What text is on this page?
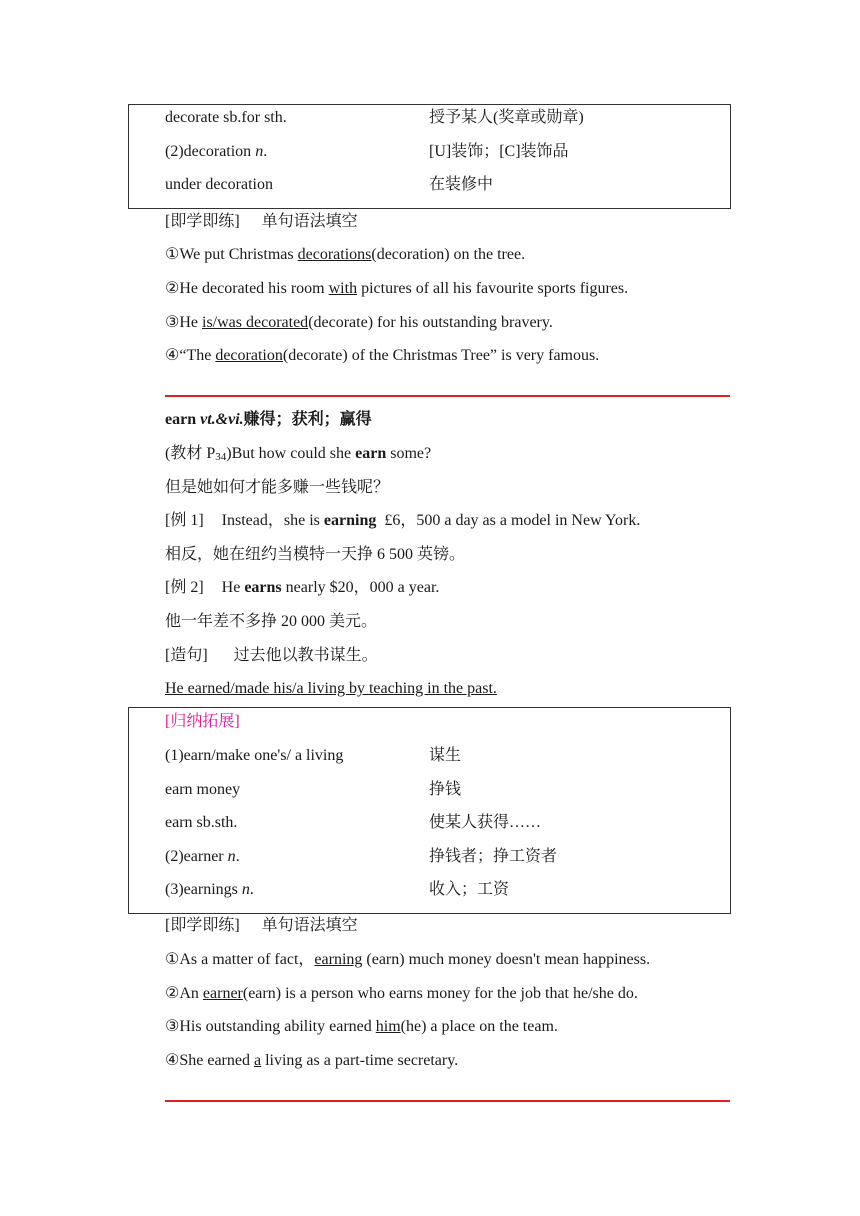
decorate sb.for sth.	授予某人(奖章或勋章)
(2)decoration n.	[U]装饰；[C]装饰品
under decoration	在装修中
[即学即练] 单句语法填空
①We put Christmas decorations(decoration) on the tree.
②He decorated his room with pictures of all his favourite sports figures.
③He is/was decorated(decorate) for his outstanding bravery.
④“The decoration(decorate) of the Christmas Tree” is very famous.
earn vt.&vi.赚得；获利；赢得
(教材 P34)But how could she earn some?
但是她如何才能多赚一些钱呢？
[例 1] Instead，she is earning  £6，500 a day as a model in New York.
相反，她在纽约当模特一天挣 6 500 英镑。
[例 2] He earns nearly $20，000 a year.
他一年差不多挣 20 000 美元。
[造句] 过去他以教书谋生。
He earned/made his/a living by teaching in the past.
[归纳拓展]
(1)earn/make one's/ a living	谋生
earn money	挣钱
earn sb.sth.	使某人获得……
(2)earner n.	挣钱者；挣工资者
(3)earnings n.	收入；工资
[即学即练] 单句语法填空
①As a matter of fact，earning (earn) much money doesn't mean happiness.
②An earner(earn) is a person who earns money for the job that he/she do.
③His outstanding ability earned him(he) a place on the team.
④She earned a living as a part-time secretary.
